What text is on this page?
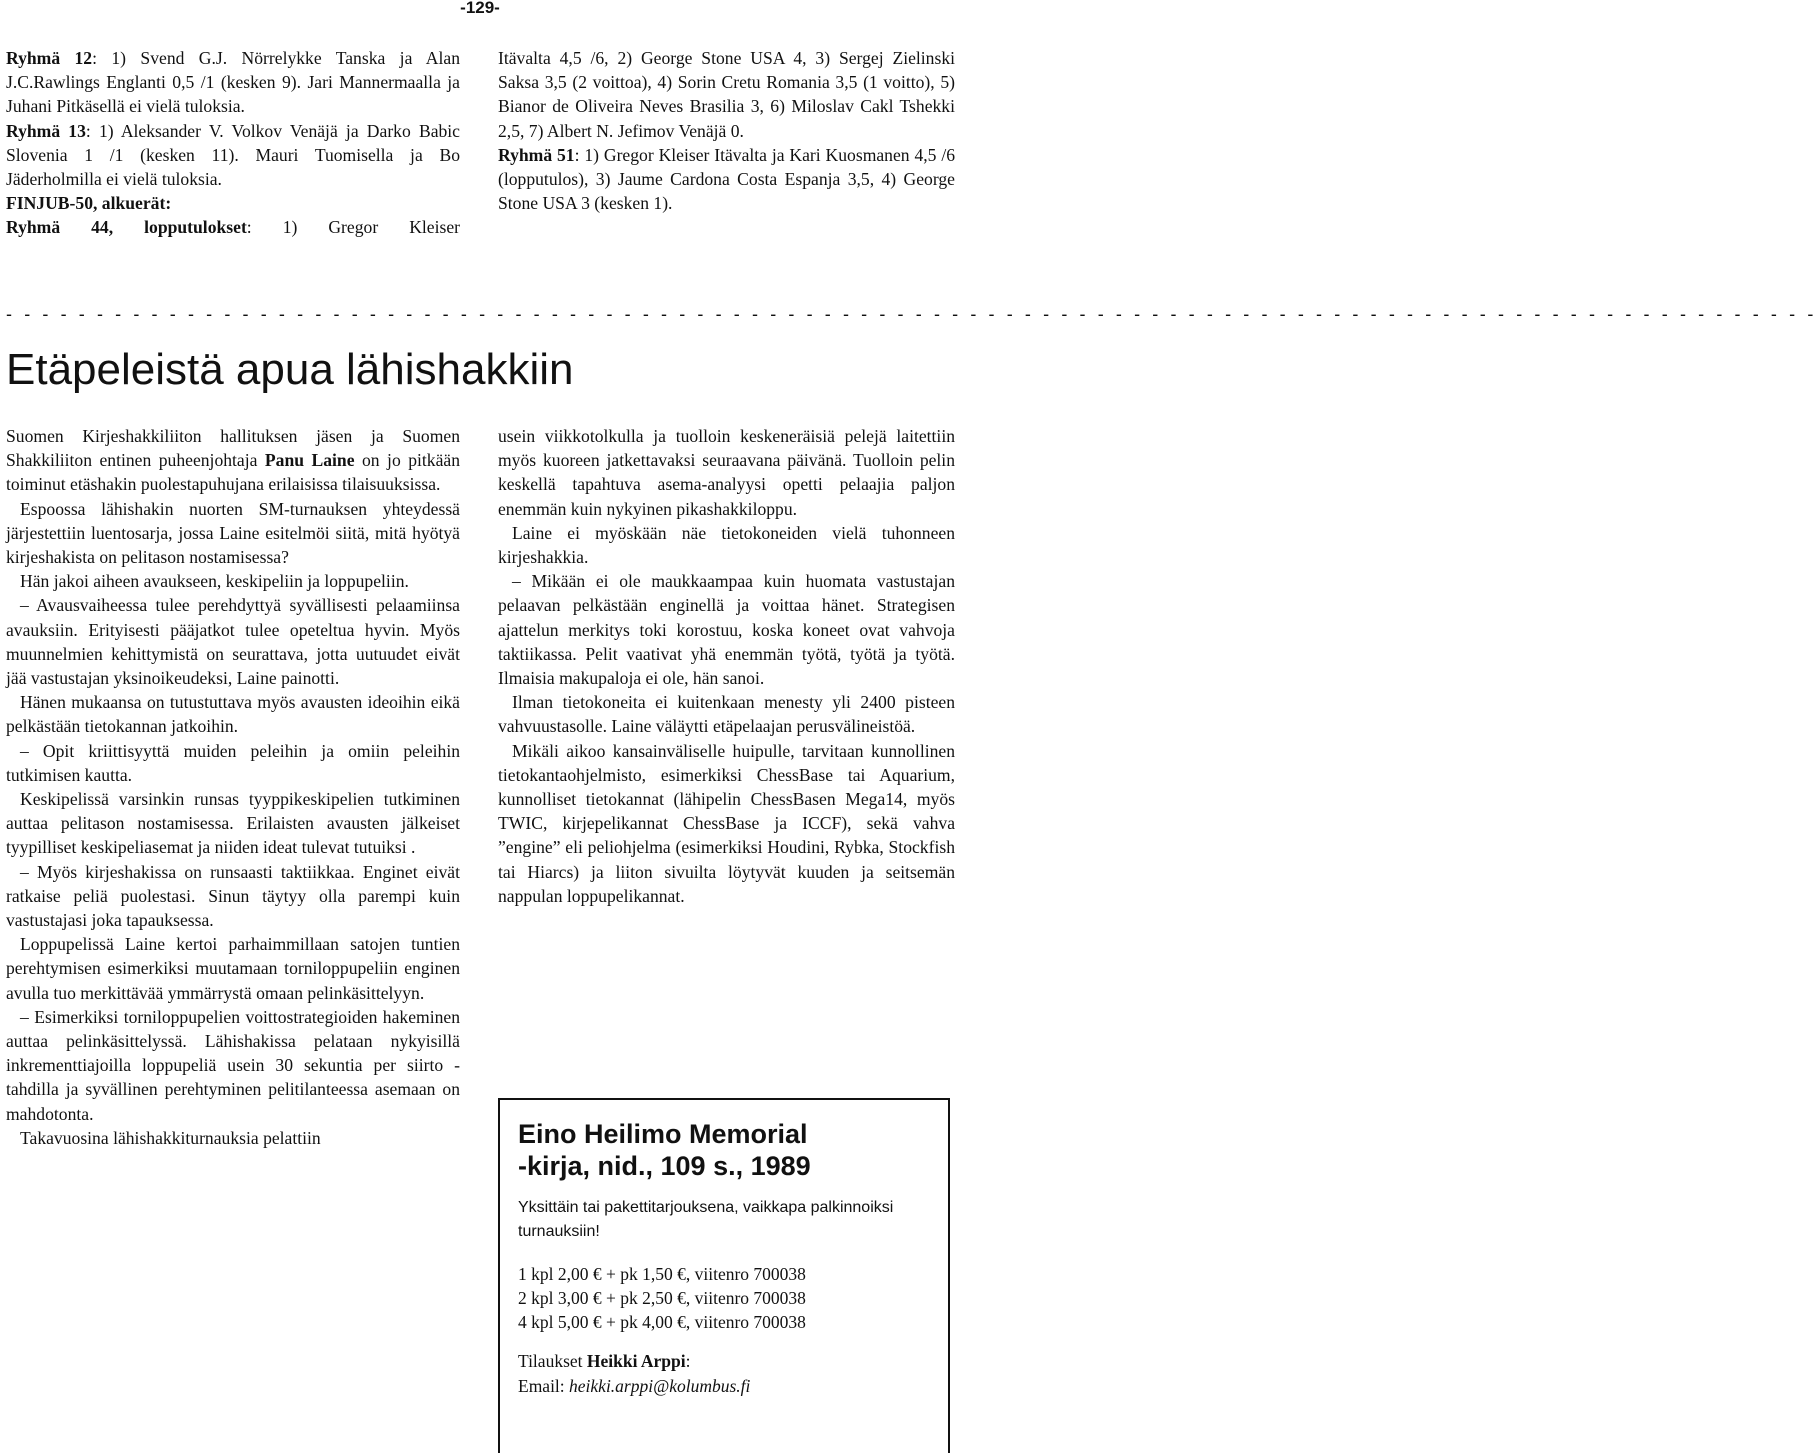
-129-

Ryhmä 12: 1) Svend G.J. Nörrelykke Tanska ja Alan J.C.Rawlings Englanti 0,5 /1 (kesken 9). Jari Mannermaalla ja Juhani Pitkäsellä ei vielä tuloksia.

Ryhmä 13: 1) Aleksander V. Volkov Venäjä ja Darko Babic Slovenia 1 /1 (kesken 11). Mauri Tuomisella ja Bo Jäderholmilla ei vielä tuloksia.

FINJUB-50, alkuerät:

Ryhmä 44, lopputulokset: 1) Gregor Kleiser

Itävalta 4,5 /6, 2) George Stone USA 4, 3) Sergej Zielinski Saksa 3,5 (2 voittoa), 4) Sorin Cretu Romania 3,5 (1 voitto), 5) Bianor de Oliveira Neves Brasilia 3, 6) Miloslav Cakl Tshekki 2,5, 7) Albert N. Jefimov Venäjä 0.

Ryhmä 51: 1) Gregor Kleiser Itävalta ja Kari Kuosmanen 4,5 /6 (lopputulos), 3) Jaume Cardona Costa Espanja 3,5, 4) George Stone USA 3 (kesken 1).

- - - - - - - - - - - - - - - - - - - - - - - - - - - - - - - - - - - - - - - - - - - - - - - - - - - - - - - - - - - - - - - - - - - - - - - - - - - - - - - - - - - - - - - - - - - - - - - - - - - -
Etäpeleistä apua lähishakkiin

Suomen Kirjeshakkiliiton hallituksen jäsen ja Suomen Shakkiliiton entinen puheenjohtaja Panu Laine on jo pitkään toiminut etäshakin puolestapuhujana erilaisissa tilaisuuksissa.

Espoossa lähishakin nuorten SM-turnauksen yhteydessä järjestettiin luentosarja, jossa Laine esitelmöi siitä, mitä hyötyä kirjeshakista on pelitason nostamisessa?

Hän jakoi aiheen avaukseen, keskipeliin ja loppupeliin.

– Avausvaiheessa tulee perehdyttyä syvällisesti pelaamiinsa avauksiin. Erityisesti pääjatkot tulee opeteltua hyvin. Myös muunnelmien kehittymistä on seurattava, jotta uutuudet eivät jää vastustajan yksinoikeudeksi, Laine painotti.

Hänen mukaansa on tutustuttava myös avausten ideoihin eikä pelkästään tietokannan jatkoihin.

– Opit kriittisyyttä muiden peleihin ja omiin peleihin tutkimisen kautta.

Keskipelissä varsinkin runsas tyyppikeskipelien tutkiminen auttaa pelitason nostamisessa. Erilaisten avausten jälkeiset tyypilliset keskipeliasemat ja niiden ideat tulevat tutuiksi .

– Myös kirjeshakissa on runsaasti taktiikkaa. Enginet eivät ratkaise peliä puolestasi. Sinun täytyy olla parempi kuin vastustajasi joka tapauksessa.

Loppupelissä Laine kertoi parhaimmillaan satojen tuntien perehtymisen esimerkiksi muutamaan torniloppupeliin enginen avulla tuo merkittävää ymmärrystä omaan pelinkäsittelyyn.

– Esimerkiksi torniloppupelien voittostrategioiden hakeminen auttaa pelinkäsittelyssä. Lähishakissa pelataan nykyisillä inkrementtiajoilla loppupeliä usein 30 sekuntia per siirto -tahdilla ja syvällinen perehtyminen pelitilanteessa asemaan on mahdotonta.

Takavuosina lähishakkiturnauksia pelattiin

usein viikkotolkulla ja tuolloin keskeneräisiä pelejä laitettiin myös kuoreen jatkettavaksi seuraavana päivänä. Tuolloin pelin keskellä tapahtuva asema-analyysi opetti pelaajia paljon enemmän kuin nykyinen pikashakkiloppu.

Laine ei myöskään näe tietokoneiden vielä tuhonneen kirjeshakkia.

– Mikään ei ole maukkaampaa kuin huomata vastustajan pelaavan pelkästään enginellä ja voittaa hänet. Strategisen ajattelun merkitys toki korostuu, koska koneet ovat vahvoja taktiikassa. Pelit vaativat yhä enemmän työtä, työtä ja työtä. Ilmaisia makupaloja ei ole, hän sanoi.

Ilman tietokoneita ei kuitenkaan menesty yli 2400 pisteen vahvuustasolle. Laine väläytti etäpelaajan perusvälineistöä.

Mikäli aikoo kansainväliselle huipulle, tarvitaan kunnollinen tietokantaohjelmisto, esimerkiksi ChessBase tai Aquarium, kunnolliset tietokannat (lähipelin ChessBasen Mega14, myös TWIC, kirjepelikannat ChessBase ja ICCF), sekä vahva ”engine” eli peliohjelma (esimerkiksi Houdini, Rybka, Stockfish tai Hiarcs) ja liiton sivuilta löytyvät kuuden ja seitsemän nappulan loppupelikannat.

Eino Heilimo Memorial
-kirja, nid., 109 s., 1989
Yksittäin tai pakettitarjouksena, vaikkapa palkinnoiksi turnauksiin!
1 kpl 2,00 € + pk 1,50 €, viitenro 700038
2 kpl 3,00 € + pk 2,50 €, viitenro 700038
4 kpl 5,00 € + pk 4,00 €, viitenro 700038
Tilaukset Heikki Arppi:
Email: heikki.arppi@kolumbus.fi
